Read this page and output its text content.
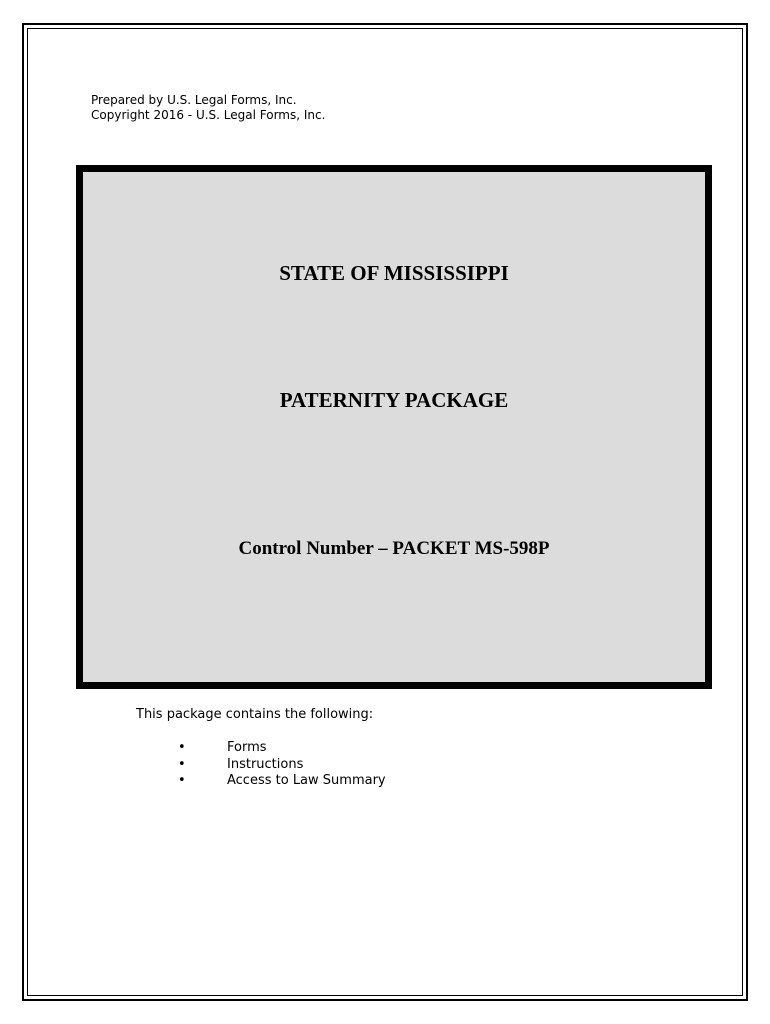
Prepared by U.S. Legal Forms, Inc.
Copyright 2016 - U.S. Legal Forms, Inc.
STATE OF MISSISSIPPI
PATERNITY PACKAGE
Control Number – PACKET MS-598P
This package contains the following:
•	Forms
•	Instructions
•	Access to Law Summary
